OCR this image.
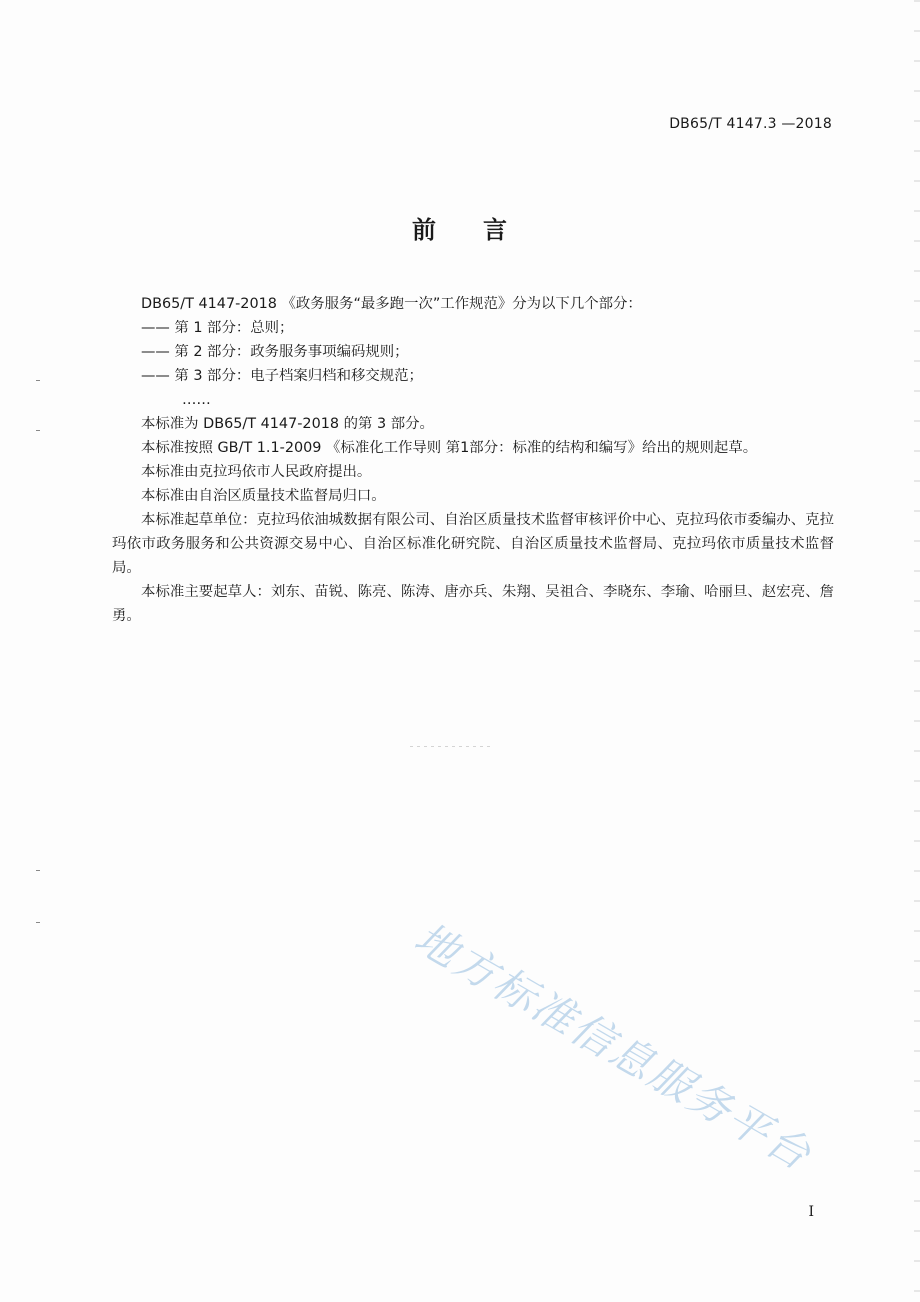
DB65/T 4147.3 —2018
前 言

DB65/T 4147-2018 《政务服务“最多跑一次”工作规范》分为以下几个部分：

—— 第 1 部分：总则；

—— 第 2 部分：政务服务事项编码规则；

—— 第 3 部分：电子档案归档和移交规范；

……

本标准为 DB65/T 4147-2018 的第 3 部分。

本标准按照 GB/T 1.1-2009 《标准化工作导则 第1部分：标准的结构和编写》给出的规则起草。

本标准由克拉玛依市人民政府提出。

本标准由自治区质量技术监督局归口。

本标准起草单位：克拉玛依油城数据有限公司、自治区质量技术监督审核评价中心、克拉玛依市委编办、克拉玛依市政务服务和公共资源交易中心、自治区标准化研究院、自治区质量技术监督局、克拉玛依市质量技术监督局。

本标准主要起草人：刘东、苗锐、陈亮、陈涛、唐亦兵、朱翔、吴祖合、李晓东、李瑜、哈丽旦、赵宏亮、詹勇。

地方标准信息服务平台
I
